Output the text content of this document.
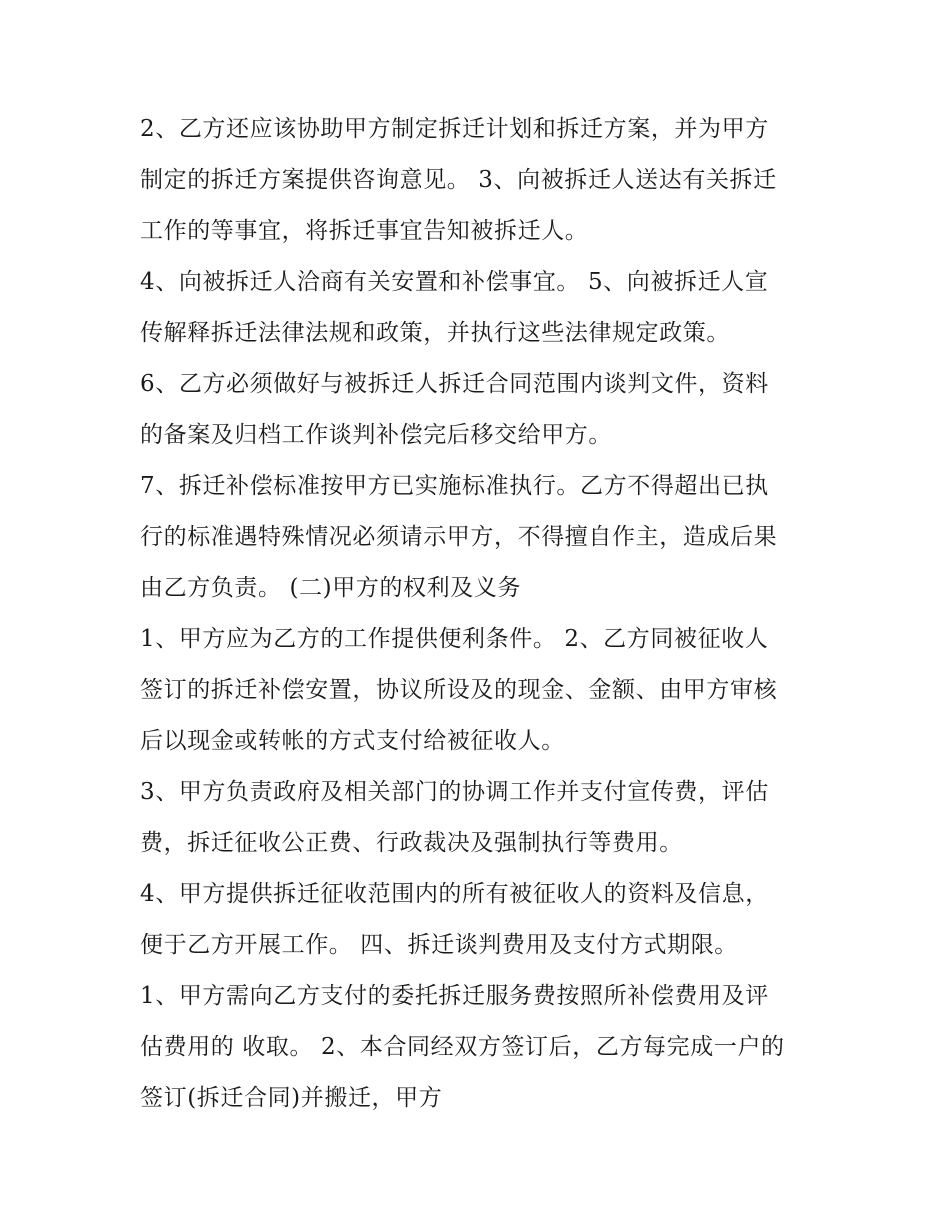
2、乙方还应该协助甲方制定拆迁计划和拆迁方案，并为甲方
制定的拆迁方案提供咨询意见。 3、向被拆迁人送达有关拆迁
工作的等事宜，将拆迁事宜告知被拆迁人。
4、向被拆迁人洽商有关安置和补偿事宜。 5、向被拆迁人宣
传解释拆迁法律法规和政策，并执行这些法律规定政策。
6、乙方必须做好与被拆迁人拆迁合同范围内谈判文件，资料
的备案及归档工作谈判补偿完后移交给甲方。
7、拆迁补偿标准按甲方已实施标准执行。乙方不得超出已执
行的标准遇特殊情况必须请示甲方，不得擅自作主，造成后果
由乙方负责。 (二)甲方的权利及义务
1、甲方应为乙方的工作提供便利条件。 2、乙方同被征收人
签订的拆迁补偿安置，协议所设及的现金、金额、由甲方审核
后以现金或转帐的方式支付给被征收人。
3、甲方负责政府及相关部门的协调工作并支付宣传费，评估
费，拆迁征收公正费、行政裁决及强制执行等费用。
4、甲方提供拆迁征收范围内的所有被征收人的资料及信息，
便于乙方开展工作。 四、拆迁谈判费用及支付方式期限。
1、甲方需向乙方支付的委托拆迁服务费按照所补偿费用及评
估费用的 收取。 2、本合同经双方签订后，乙方每完成一户的
签订(拆迁合同)并搬迁，甲方
